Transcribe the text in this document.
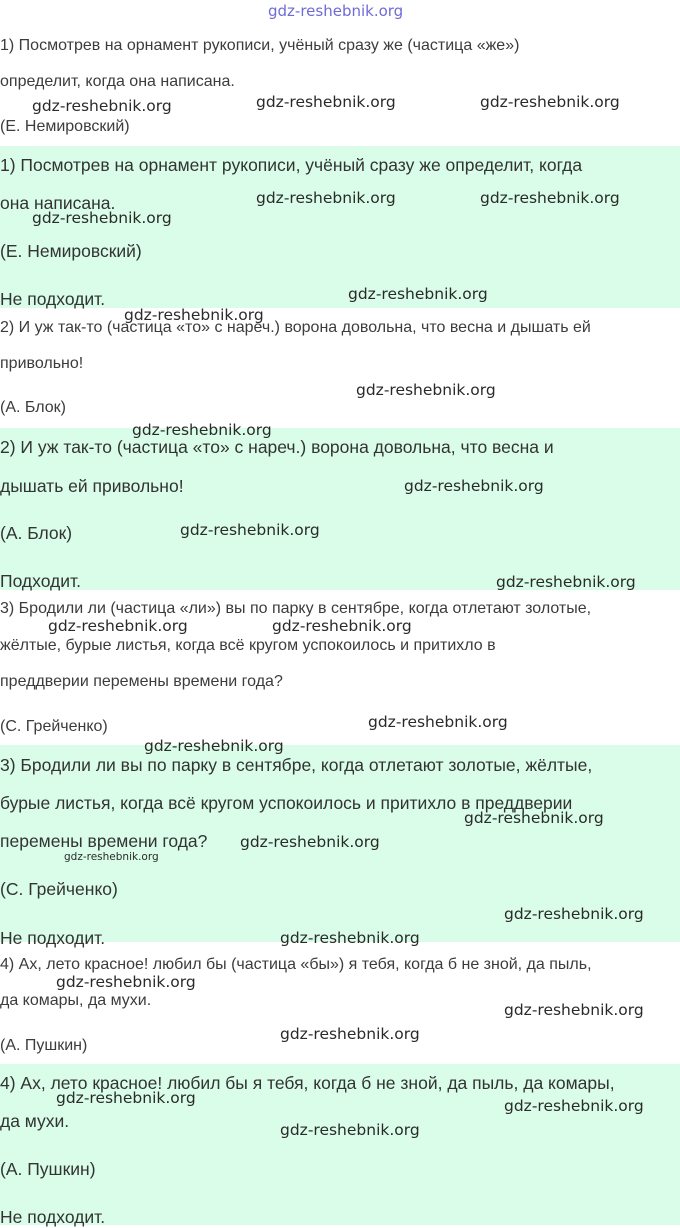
1) Посмотрев на орнамент рукописи, учёный сразу же (частица «же»)
определит, когда она написана.
(Е. Немировский)
1) Посмотрев на орнамент рукописи, учёный сразу же определит, когда
она написана.
(Е. Немировский)
Не подходит.
2) И уж так-то (частица «то» с нареч.) ворона довольна, что весна и дышать ей
привольно!
(А. Блок)
2) И уж так-то (частица «то» с нареч.) ворона довольна, что весна и
дышать ей привольно!
(А. Блок)
Подходит.
3) Бродили ли (частица «ли») вы по парку в сентябре, когда отлетают золотые,
жёлтые, бурые листья, когда всё кругом успокоилось и притихло в
преддверии перемены времени года?
(С. Грейченко)
3) Бродили ли вы по парку в сентябре, когда отлетают золотые, жёлтые,
бурые листья, когда всё кругом успокоилось и притихло в преддверии
перемены времени года?
(С. Грейченко)
Не подходит.
4) Ах, лето красное! любил бы (частица «бы») я тебя, когда б не зной, да пыль,
да комары, да мухи.
(А. Пушкин)
4) Ах, лето красное! любил бы я тебя, когда б не зной, да пыль, да комары,
да мухи.
(А. Пушкин)
Не подходит.
gdz-reshebnik.org
gdz-reshebnik.org	gdz-reshebnik.org	gdz-reshebnik.org
gdz-reshebnik.org
gdz-reshebnik.org	gdz-reshebnik.org
gdz-reshebnik.org
gdz-reshebnik.org
gdz-reshebnik.org
gdz-reshebnik.org
gdz-reshebnik.org
gdz-reshebnik.org
gdz-reshebnik.org
gdz-reshebnik.org	gdz-reshebnik.org
gdz-reshebnik.org
gdz-reshebnik.org
gdz-reshebnik.org
gdz-reshebnik.org
gdz-reshebnik.org
gdz-reshebnik.org
gdz-reshebnik.org
gdz-reshebnik.org
gdz-reshebnik.org
gdz-reshebnik.org
gdz-reshebnik.org	gdz-reshebnik.org
gdz-reshebnik.org
